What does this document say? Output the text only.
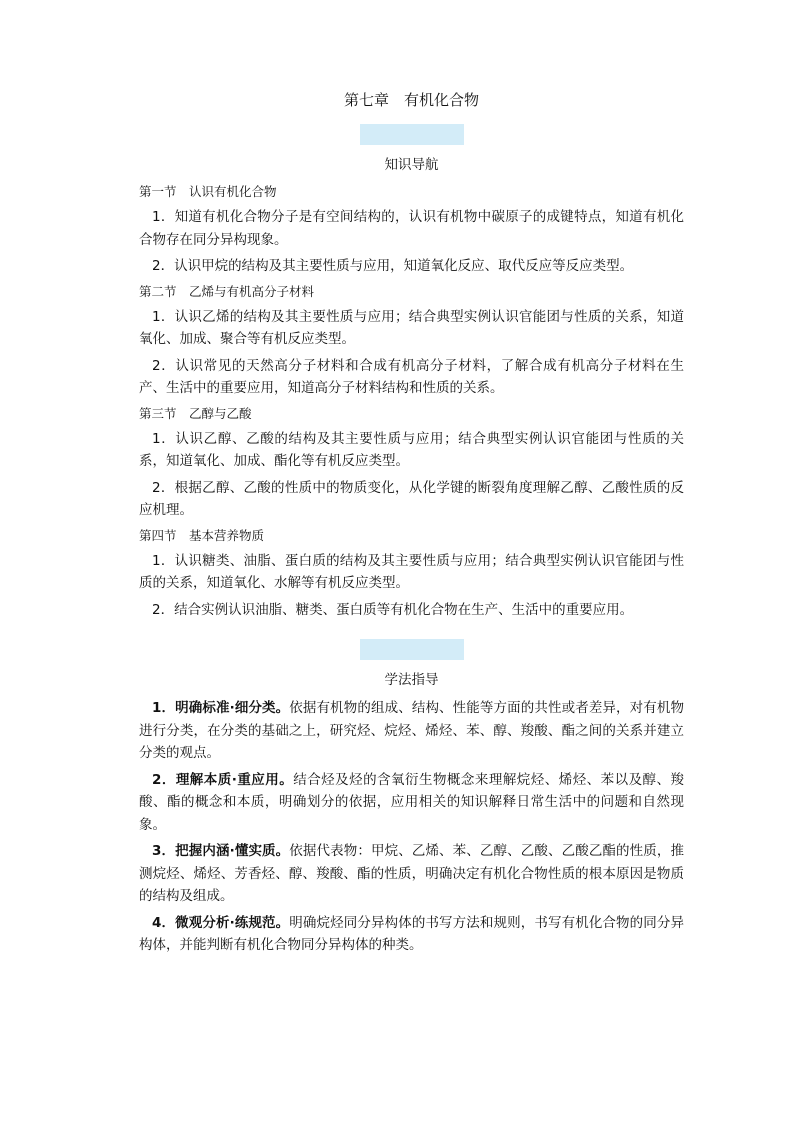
第七章　有机化合物
知识导航
第一节　认识有机化合物

1．知道有机化合物分子是有空间结构的，认识有机物中碳原子的成键特点，知道有机化合物存在同分异构现象。

2．认识甲烷的结构及其主要性质与应用，知道氧化反应、取代反应等反应类型。

第二节　乙烯与有机高分子材料

1．认识乙烯的结构及其主要性质与应用；结合典型实例认识官能团与性质的关系，知道氧化、加成、聚合等有机反应类型。

2．认识常见的天然高分子材料和合成有机高分子材料，了解合成有机高分子材料在生产、生活中的重要应用，知道高分子材料结构和性质的关系。

第三节　乙醇与乙酸

1．认识乙醇、乙酸的结构及其主要性质与应用；结合典型实例认识官能团与性质的关系，知道氧化、加成、酯化等有机反应类型。

2．根据乙醇、乙酸的性质中的物质变化，从化学键的断裂角度理解乙醇、乙酸性质的反应机理。

第四节　基本营养物质

1．认识糖类、油脂、蛋白质的结构及其主要性质与应用；结合典型实例认识官能团与性质的关系，知道氧化、水解等有机反应类型。

2．结合实例认识油脂、糖类、蛋白质等有机化合物在生产、生活中的重要应用。

学法指导

1．明确标准·细分类。依据有机物的组成、结构、性能等方面的共性或者差异，对有机物进行分类，在分类的基础之上，研究烃、烷烃、烯烃、苯、醇、羧酸、酯之间的关系并建立分类的观点。

2．理解本质·重应用。结合烃及烃的含氧衍生物概念来理解烷烃、烯烃、苯以及醇、羧酸、酯的概念和本质，明确划分的依据，应用相关的知识解释日常生活中的问题和自然现象。

3．把握内涵·懂实质。依据代表物：甲烷、乙烯、苯、乙醇、乙酸、乙酸乙酯的性质，推测烷烃、烯烃、芳香烃、醇、羧酸、酯的性质，明确决定有机化合物性质的根本原因是物质的结构及组成。

4．微观分析·练规范。明确烷烃同分异构体的书写方法和规则，书写有机化合物的同分异构体，并能判断有机化合物同分异构体的种类。
